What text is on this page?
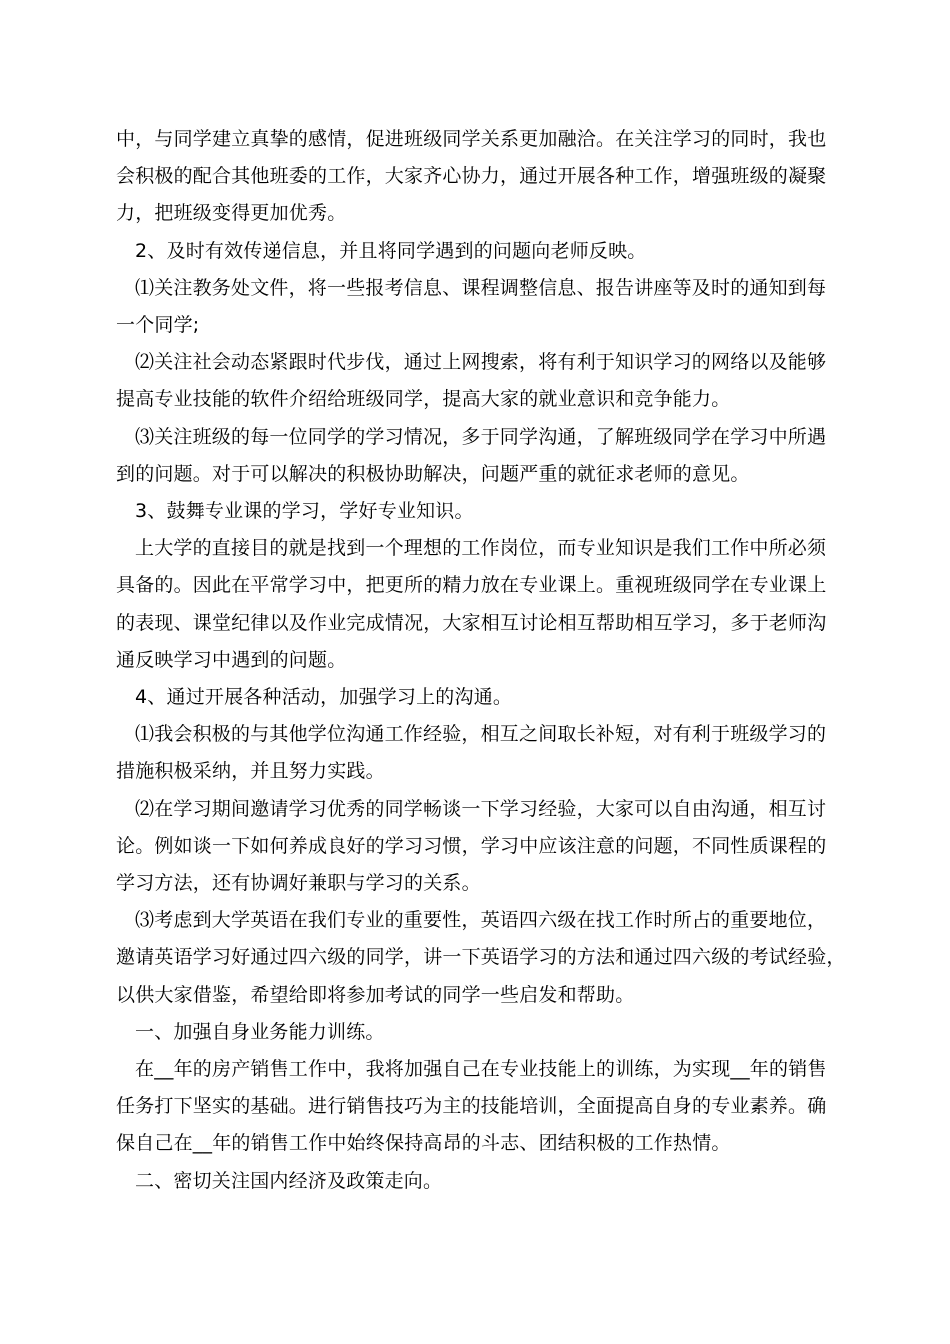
中，与同学建立真挚的感情，促进班级同学关系更加融洽。在关注学习的同时，我也
会积极的配合其他班委的工作，大家齐心协力，通过开展各种工作，增强班级的凝聚
力，把班级变得更加优秀。
2、及时有效传递信息，并且将同学遇到的问题向老师反映。
⑴关注教务处文件，将一些报考信息、课程调整信息、报告讲座等及时的通知到每
一个同学;
⑵关注社会动态紧跟时代步伐，通过上网搜索，将有利于知识学习的网络以及能够
提高专业技能的软件介绍给班级同学，提高大家的就业意识和竞争能力。
⑶关注班级的每一位同学的学习情况，多于同学沟通，了解班级同学在学习中所遇
到的问题。对于可以解决的积极协助解决，问题严重的就征求老师的意见。
3、鼓舞专业课的学习，学好专业知识。
上大学的直接目的就是找到一个理想的工作岗位，而专业知识是我们工作中所必须
具备的。因此在平常学习中，把更所的精力放在专业课上。重视班级同学在专业课上
的表现、课堂纪律以及作业完成情况，大家相互讨论相互帮助相互学习，多于老师沟
通反映学习中遇到的问题。
4、通过开展各种活动，加强学习上的沟通。
⑴我会积极的与其他学位沟通工作经验，相互之间取长补短，对有利于班级学习的
措施积极采纳，并且努力实践。
⑵在学习期间邀请学习优秀的同学畅谈一下学习经验，大家可以自由沟通，相互讨
论。例如谈一下如何养成良好的学习习惯，学习中应该注意的问题，不同性质课程的
学习方法，还有协调好兼职与学习的关系。
⑶考虑到大学英语在我们专业的重要性，英语四六级在找工作时所占的重要地位，
邀请英语学习好通过四六级的同学，讲一下英语学习的方法和通过四六级的考试经验，
以供大家借鉴，希望给即将参加考试的同学一些启发和帮助。
一、加强自身业务能力训练。
在__年的房产销售工作中，我将加强自己在专业技能上的训练，为实现__年的销售
任务打下坚实的基础。进行销售技巧为主的技能培训，全面提高自身的专业素养。确
保自己在__年的销售工作中始终保持高昂的斗志、团结积极的工作热情。
二、密切关注国内经济及政策走向。
